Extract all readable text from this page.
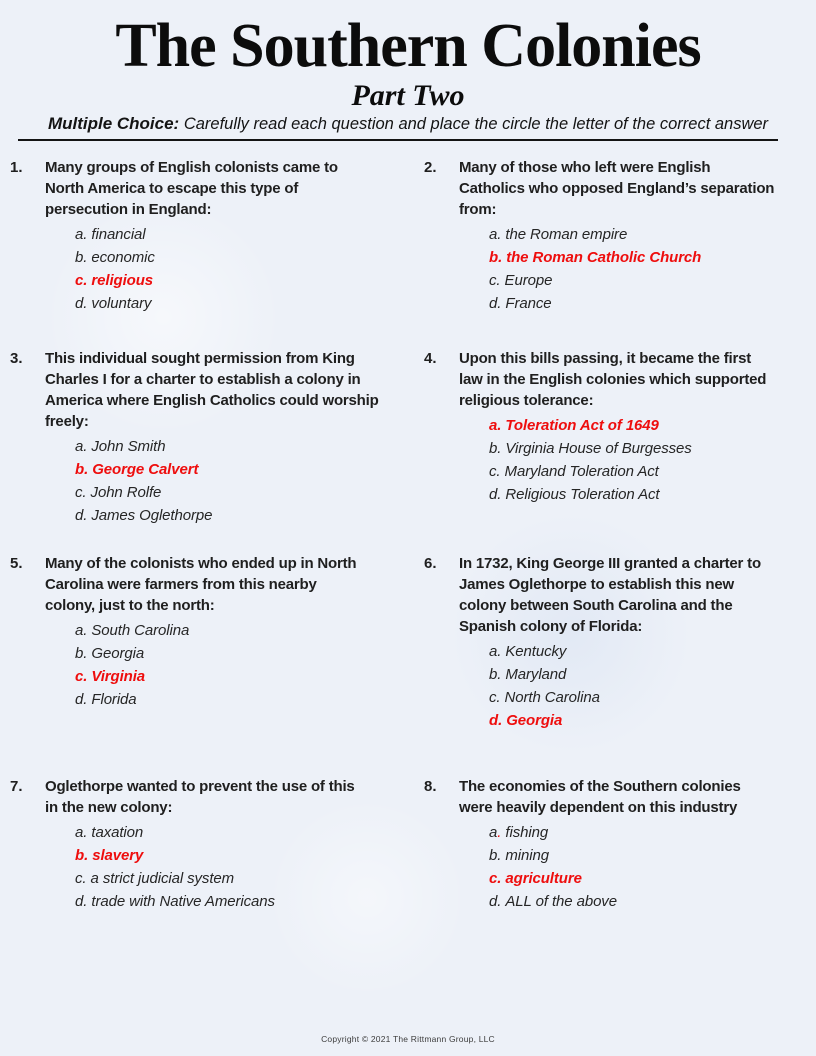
The Southern Colonies
Part Two

Multiple Choice: Carefully read each question and place the circle the letter of the correct answer

1.	Many groups of English colonists came to
North America to escape this type of
persecution in England:
a. financial
b. economic
c. religious
d. voluntary
2.	Many of those who left were English
Catholics who opposed England’s separation
from:
a. the Roman empire
b. the Roman Catholic Church
c. Europe
d. France
3.	This individual sought permission from King
Charles I for a charter to establish a colony in
America where English Catholics could worship
freely:
a. John Smith
b. George Calvert
c. John Rolfe
d. James Oglethorpe
4.	Upon this bills passing, it became the first
law in the English colonies which supported
religious tolerance:
a. Toleration Act of 1649
b. Virginia House of Burgesses
c. Maryland Toleration Act
d. Religious Toleration Act
5.	Many of the colonists who ended up in North
Carolina were farmers from this nearby
colony, just to the north:
a. South Carolina
b. Georgia
c. Virginia
d. Florida
6.	In 1732, King George III granted a charter to
James Oglethorpe to establish this new
colony between South Carolina and the
Spanish colony of Florida:
a. Kentucky
b. Maryland
c. North Carolina
d. Georgia
7.	Oglethorpe wanted to prevent the use of this
in the new colony:
a. taxation
b. slavery
c. a strict judicial system
d. trade with Native Americans
8.	The economies of the Southern colonies
were heavily dependent on this industry
a. fishing
b. mining
c. agriculture
d. ALL of the above
Copyright © 2021 The Rittmann Group, LLC
